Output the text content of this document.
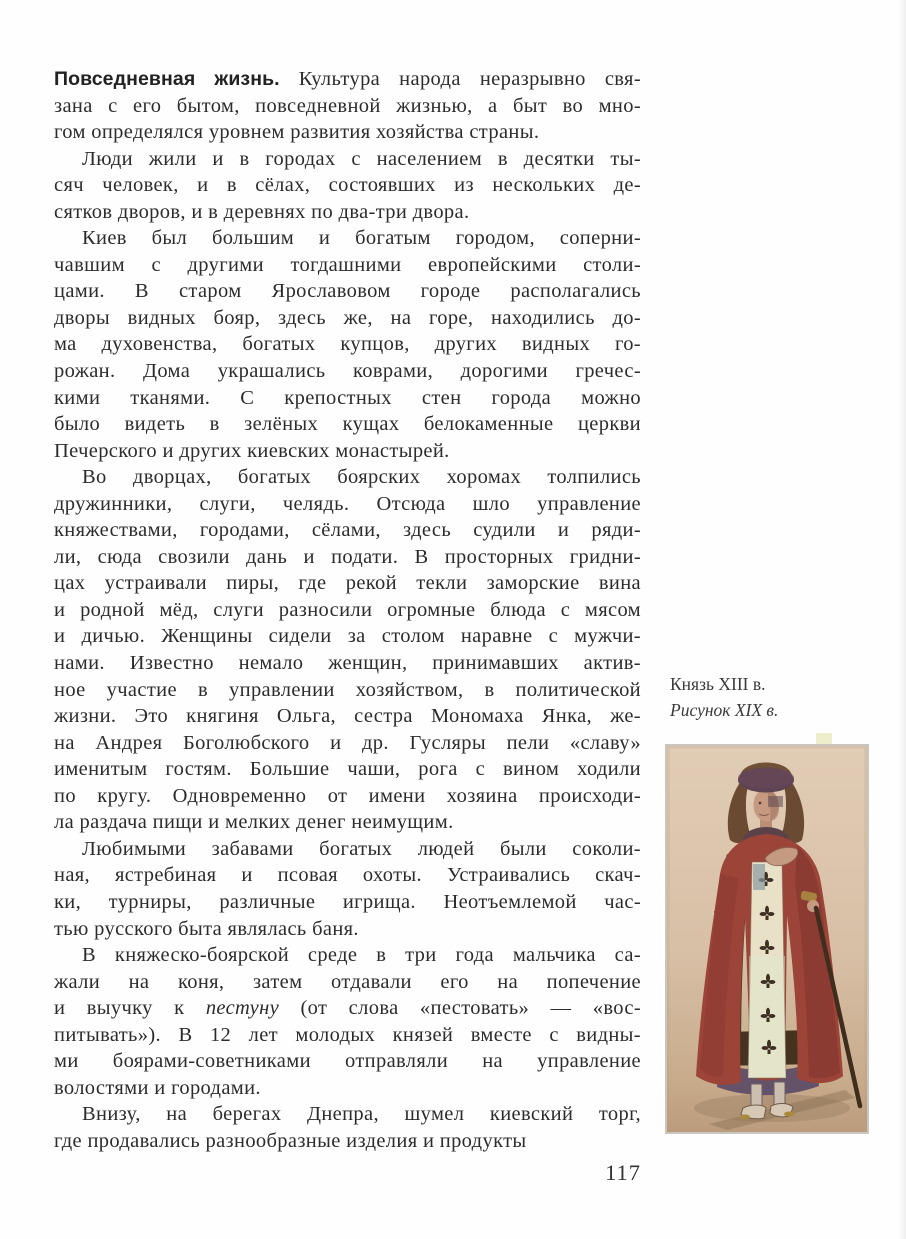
Повседневная жизнь. Культура народа неразрывно свя-
зана с его бытом, повседневной жизнью, а быт во мно-
гом определялся уровнем развития хозяйства страны.
Люди жили и в городах с населением в десятки ты-
сяч человек, и в сёлах, состоявших из нескольких де-
сятков дворов, и в деревнях по два-три двора.
Киев был большим и богатым городом, соперни-
чавшим с другими тогдашними европейскими столи-
цами. В старом Ярославовом городе располагались
дворы видных бояр, здесь же, на горе, находились до-
ма духовенства, богатых купцов, других видных го-
рожан. Дома украшались коврами, дорогими гречес-
кими тканями. С крепостных стен города можно
было видеть в зелёных кущах белокаменные церкви
Печерского и других киевских монастырей.
Во дворцах, богатых боярских хоромах толпились
дружинники, слуги, челядь. Отсюда шло управление
княжествами, городами, сёлами, здесь судили и ряди-
ли, сюда свозили дань и подати. В просторных гридни-
цах устраивали пиры, где рекой текли заморские вина
и родной мёд, слуги разносили огромные блюда с мясом
и дичью. Женщины сидели за столом наравне с мужчи-
нами. Известно немало женщин, принимавших актив-
ное участие в управлении хозяйством, в политической
жизни. Это княгиня Ольга, сестра Мономаха Янка, же-
на Андрея Боголюбского и др. Гусляры пели «славу»
именитым гостям. Большие чаши, рога с вином ходили
по кругу. Одновременно от имени хозяина происходи-
ла раздача пищи и мелких денег неимущим.
Любимыми забавами богатых людей были соколи-
ная, ястребиная и псовая охоты. Устраивались скач-
ки, турниры, различные игрища. Неотъемлемой час-
тью русского быта являлась баня.
В княжеско-боярской среде в три года мальчика са-
жали на коня, затем отдавали его на попечение
и выучку к пестуну (от слова «пестовать» — «вос-
питывать»). В 12 лет молодых князей вместе с видны-
ми боярами-советниками отправляли на управление
волостями и городами.
Внизу, на берегах Днепра, шумел киевский торг,
где продавались разнообразные изделия и продукты
Князь XIII в.
Рисунок XIX в.
117
